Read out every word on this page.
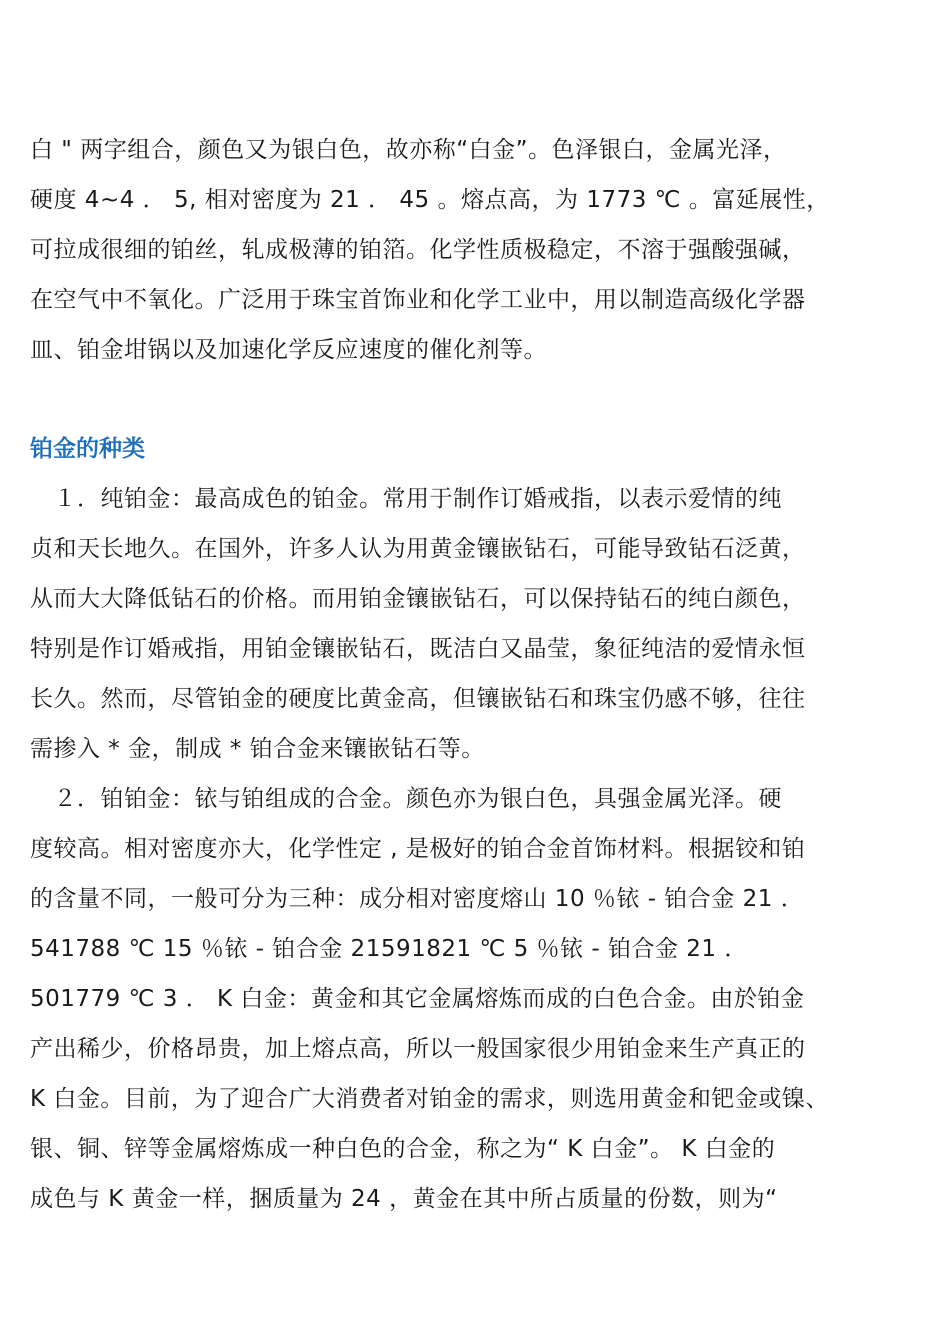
白 " 两字组合，颜色又为银白色，故亦称“白金”。色泽银白，金属光泽，
硬度 4~4 ． 5, 相对密度为 21 ． 45 。熔点高，为 1773 ℃ 。富延展性，
可拉成很细的铂丝，轧成极薄的铂箔。化学性质极稳定，不溶于强酸强碱，
在空气中不氧化。广泛用于珠宝首饰业和化学工业中，用以制造高级化学器
皿、铂金坩锅以及加速化学反应速度的催化剂等。
铂金的种类
　１．纯铂金：最高成色的铂金。常用于制作订婚戒指，以表示爱情的纯
贞和天长地久。在国外，许多人认为用黄金镶嵌钻石，可能导致钻石泛黄，
从而大大降低钻石的价格。而用铂金镶嵌钻石，可以保持钻石的纯白颜色，
特别是作订婚戒指，用铂金镶嵌钻石，既洁白又晶莹，象征纯洁的爱情永恒
长久。然而，尽管铂金的硬度比黄金高，但镶嵌钻石和珠宝仍感不够，往往
需掺入 * 金，制成 * 铂合金来镶嵌钻石等。
　２．铂铂金：铱与铂组成的合金。颜色亦为银白色，具强金属光泽。硬
度较高。相对密度亦大，化学性定 , 是极好的铂合金首饰材料。根据铰和铂
的含量不同，一般可分为三种：成分相对密度熔山 10 ％铱 - 铂合金 21 ．
541788 ℃ 15 ％铱 - 铂合金 21591821 ℃ 5 ％铱 - 铂合金 21 ．
501779 ℃ 3 ． K 白金：黄金和其它金属熔炼而成的白色合金。由於铂金
产出稀少，价格昂贵，加上熔点高，所以一般国家很少用铂金来生产真正的
K 白金。目前，为了迎合广大消费者对铂金的需求，则选用黄金和钯金或镍、
银、铜、锌等金属熔炼成一种白色的合金，称之为“ K 白金”。 K 白金的
成色与 K 黄金一样，捆质量为 24 ，黄金在其中所占质量的份数，则为“
